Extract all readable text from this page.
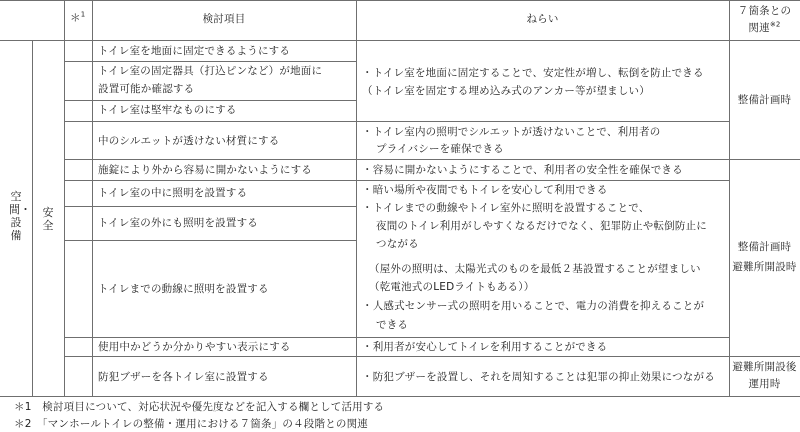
＊$^1$	検討項目	ねらい
７箇条との
関連$^{※2}$
空間・設備
安全
トイレ室を地面に固定できるようにする
トイレ室の固定器具（打込ピンなど）が地面に
設置可能か確認する
トイレ室は堅牢なものにする
中のシルエットが透けない材質にする
施錠により外から容易に開かないようにする
トイレ室の中に照明を設置する
トイレ室の外にも照明を設置する
トイレまでの動線に照明を設置する
使用中かどうか分かりやすい表示にする
防犯ブザーを各トイレ室に設置する
・トイレ室を地面に固定することで、安定性が増し、転倒を防止できる
（トイレ室を固定する埋め込み式のアンカー等が望ましい）
・トイレ室内の照明でシルエットが透けないことで、利用者の
プライバシーを確保できる
・容易に開かないようにすることで、利用者の安全性を確保できる
・暗い場所や夜間でもトイレを安心して利用できる
・トイレまでの動線やトイレ室外に照明を設置することで、
夜間のトイレ利用がしやすくなるだけでなく、犯罪防止や転倒防止に
つながる
（屋外の照明は、太陽光式のものを最低２基設置することが望ましい
（乾電池式のLEDライトもある））
・人感式センサー式の照明を用いることで、電力の消費を抑えることが
できる
・利用者が安心してトイレを利用することができる
・防犯ブザーを設置し、それを周知することは犯罪の抑止効果につながる
整備計画時
整備計画時
避難所開設時
避難所開設後
運用時
＊1　検討項目について、対応状況や優先度などを記入する欄として活用する
＊2　「マンホールトイレの整備・運用における７箇条」の４段階との関連
